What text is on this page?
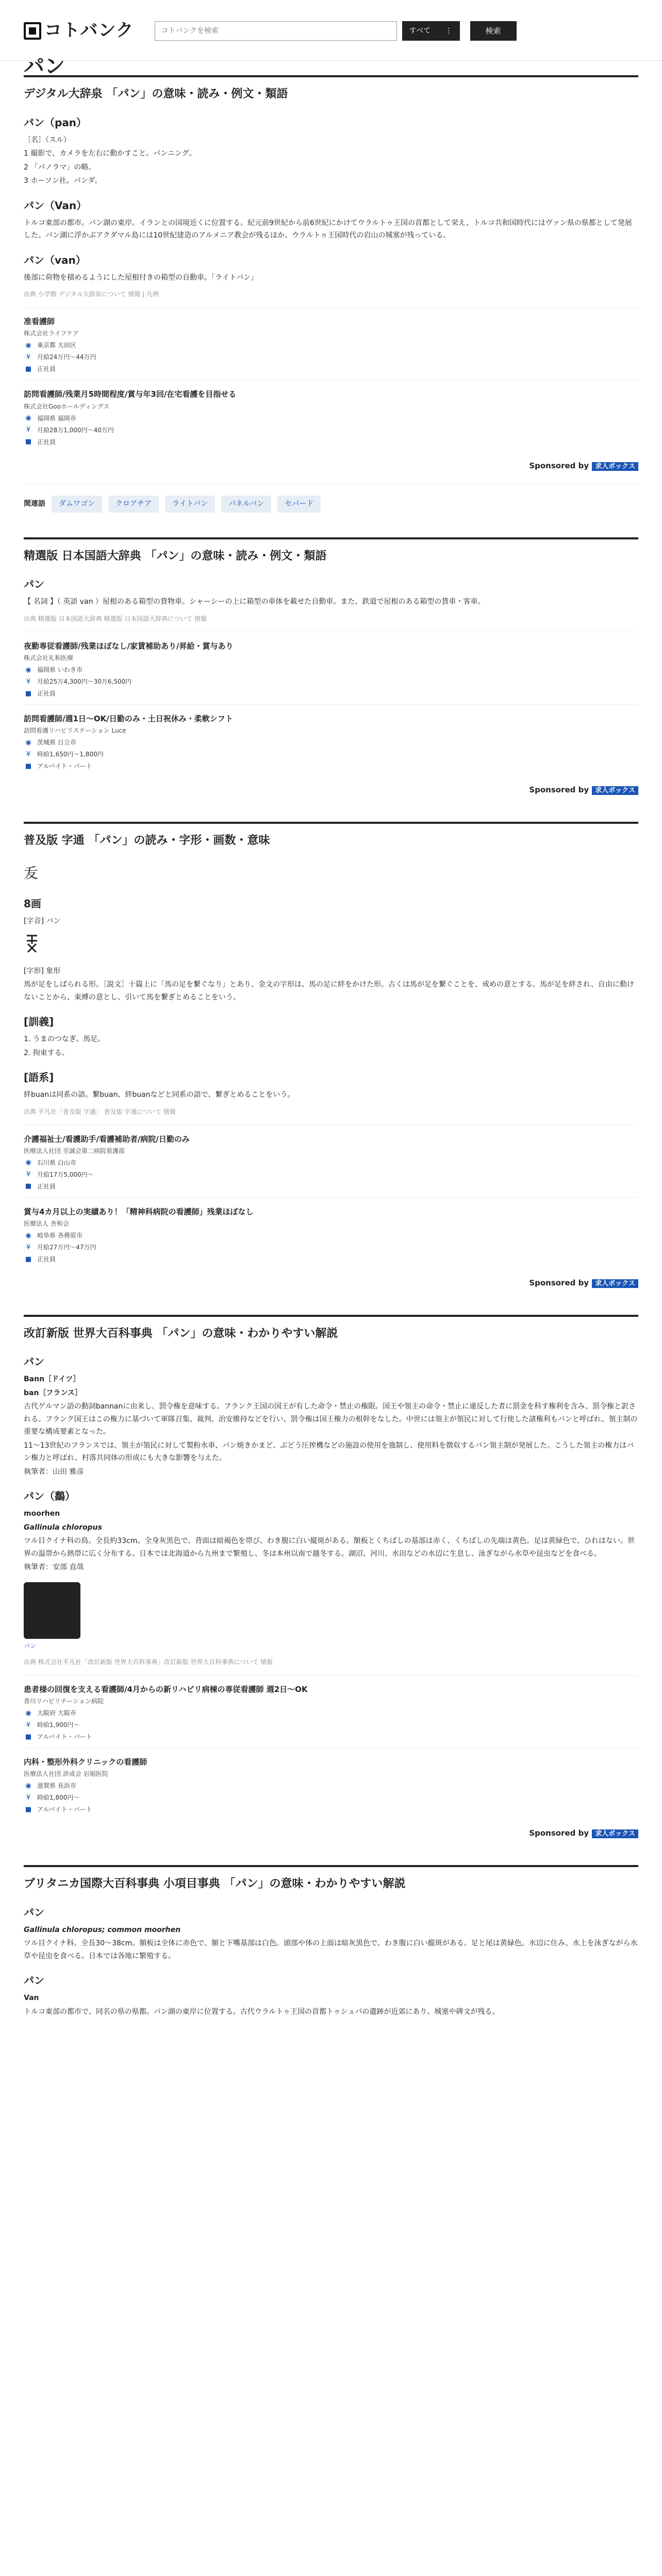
コトバンク
コトバンクを検索	すべて ⋮	検索
パン
デジタル大辞泉 「パン」の意味・読み・例文・類語
パン（pan）
［名］（スル）
1 撮影で、カメラを左右に動かすこと。パンニング。
2 「パノラマ」の略。
3 ホーソン社。パンダ。
パン（Van）
トルコ東部の都市。パン湖の東岸。イランとの国境近くに位置する。紀元前9世紀から前6世紀にかけてウラルトゥ王国の首都として栄え、トルコ共和国時代にはヴァン県の県都として発展した。パン湖に浮かぶアクダマル島には10世紀建造のアルメニア教会が残るほか、ウラルトゥ王国時代の岩山の城塞が残っている。
パン（van）
後部に荷物を積めるようにした屋根付きの箱型の自動車。「ライトバン」
出典 小学館 デジタル大辞泉について 情報 | 凡例
准看護師
株式会社ライフケア
◉ 東京都 大田区
¥	月給24万円〜44万円
■ 正社員
訪問看護師/残業月5時間程度/賞与年3回/在宅看護を目指せる
株式会社Gooホールディングス
◉ 福岡県 福岡市
¥	月給28万1,000円〜40万円
■ 正社員
Sponsored by 求人ボックス
関連語	ダムワゴン	クロアチア	ライトバン	パネルバン	セパード
精選版 日本国語大辞典 「パン」の意味・読み・例文・類語
パン
【 名詞 】（ 英語 van ）屋根のある箱型の貨物車。シャーシーの上に箱型の車体を載せた自動車。また、鉄道で屋根のある箱型の貨車・客車。
出典 精選版 日本国語大辞典 精選版 日本国語大辞典について 情報
夜勤専従看護師/残業ほぼなし/家賃補助あり/昇給・賞与あり
株式会社礼和医療
◉ 福岡県 いわき市
¥	月給25万4,300円〜30万6,500円
■ 正社員
訪問看護師/週1日〜OK/日勤のみ・土日祝休み・柔軟シフト
訪問看護リハビリステーション Luce
◉ 茨城県 日立市
¥	時給1,650円〜1,800円
■ アルバイト・パート
Sponsored by 求人ボックス
普及版 字通 「パン」の読み・字形・画数・意味
叐
8画
[字音] バン
[字形] 象形
馬が足をしばられる形。［説文］十篇上に「馬の足を繋ぐなり」とあり、金文の字形は、馬の足に絆をかけた形。古くは馬が足を繋ぐことを、戒めの意とする。馬が足を絆され、自由に動けないことから、束縛の意とし、引いて馬を繋ぎとめることをいう。
[訓義]
1. うまのつなぎ、馬足。
2. 拘束する。
[語系]
絆buanは同系の語。繋buan、絆buanなどと同系の語で、繋ぎとめることをいう。
出典 平凡社「普及版 字通」 普及版 字通について 情報
介護福祉士/看護助手/看護補助者/病院/日勤のみ
医療法人社団 至誠会第二病院看護部
◉ 石川県 白山市
¥	月給17万5,000円〜
■ 正社員
賞与4カ月以上の実績あり！「精神科病院の看護師」残業ほぼなし
医療法人 杏和会
◉ 岐阜県 各務原市
¥	月給27万円〜47万円
■ 正社員
Sponsored by 求人ボックス
改訂新版 世界大百科事典 「パン」の意味・わかりやすい解説
パン
Bann［ドイツ］
ban［フランス］
古代ゲルマン語の動詞bannanに由来し、罰令権を意味する。フランク王国の国王が有した命令・禁止の権限。国王や領主の命令・禁止に違反した者に罰金を科す権利を含み、罰令権と訳される。フランク国王はこの権力に基づいて軍隊召集、裁判、治安維持などを行い、罰令権は国王権力の根幹をなした。中世には領主が領民に対して行使した諸権利もバンと呼ばれ、領主制の重要な構成要素となった。
11～13世紀のフランスでは、領主が領民に対して製粉水車、パン焼きかまど、ぶどう圧搾機などの施設の使用を強制し、使用料を徴収するバン領主制が発展した。こうした領主の権力はバン権力と呼ばれ、村落共同体の形成にも大きな影響を与えた。
執筆者：山田 雅彦
パン（鷭）
moorhen
Gallinula chloropus
ツル目クイナ科の鳥。全長約33cm。全身灰黒色で、背面は暗褐色を帯び、わき腹に白い縦斑がある。額板とくちばしの基部は赤く、くちばしの先端は黄色。足は黄緑色で、ひれはない。世界の温帯から熱帯に広く分布する。日本では北海道から九州まで繁殖し、冬は本州以南で越冬する。湖沼、河川、水田などの水辺に生息し、泳ぎながら水草や昆虫などを食べる。
執筆者：安部 直哉
パン
出典 株式会社平凡社「改訂新版 世界大百科事典」改訂新版 世界大百科事典について 情報
患者様の回復を支える看護師/4月からの新リハビリ病棟の専従看護師 週2日〜OK
香川リハビリテーション病院
◉ 大阪府 大阪市
¥	時給1,900円〜
■ アルバイト・パート
内科・整形外科クリニックの看護師
医療法人社団 診成会 岩堀医院
◉ 滋賀県 長浜市
¥	時給1,800円〜
■ アルバイト・パート
Sponsored by 求人ボックス
ブリタニカ国際大百科事典 小項目事典 「パン」の意味・わかりやすい解説
パン
Gallinula chloropus; common moorhen
ツル目クイナ科。全長30〜38cm。額板は全体に赤色で、額と下嘴基部は白色。頭部や体の上面は暗灰黒色で、わき腹に白い縦斑がある。足と尾は黄緑色。水辺に住み、水上を泳ぎながら水草や昆虫を食べる。日本では各地に繁殖する。
パン
Van
トルコ東部の都市で、同名の県の県都。パン湖の東岸に位置する。古代ウラルトゥ王国の首都トゥシュパの遺跡が近郊にあり、城塞や碑文が残る。
